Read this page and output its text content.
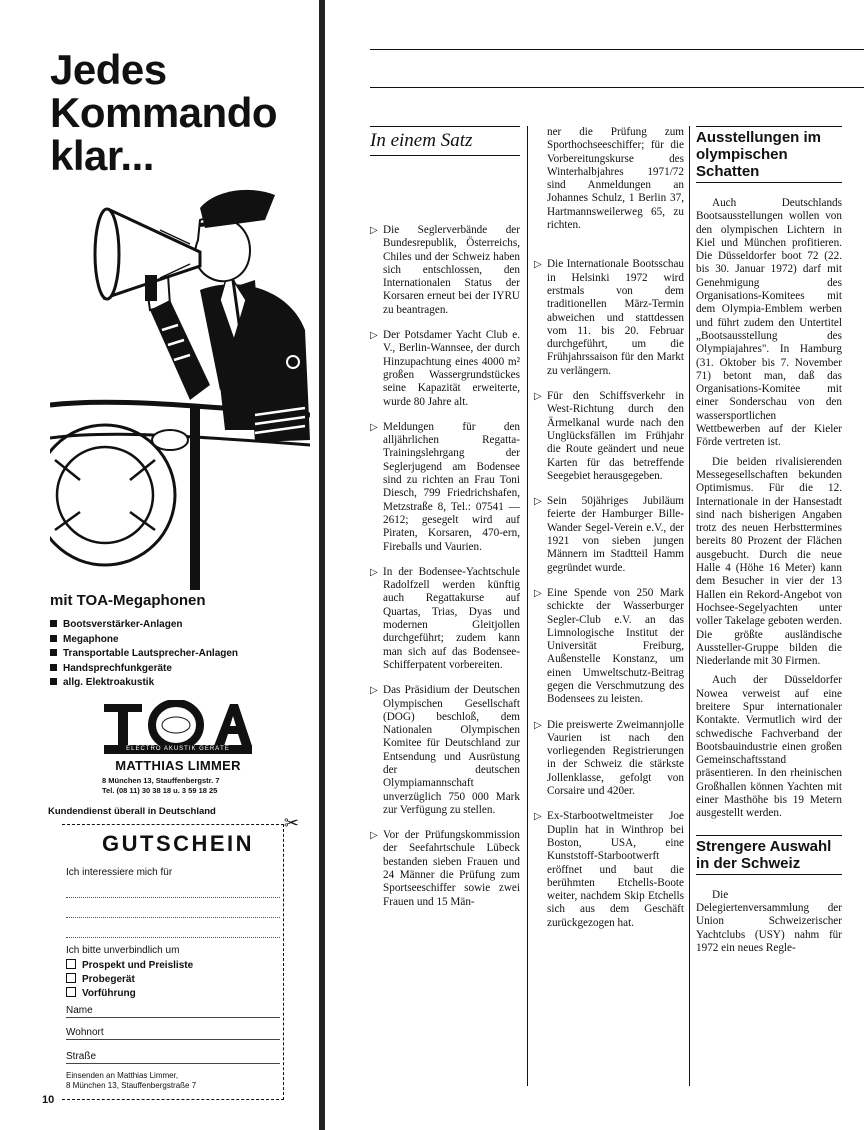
Jedes
Kommando
klar...
mit TOA-Megaphonen
Bootsverstärker-Anlagen
Megaphone
Transportable Lautsprecher-Anlagen
Handsprechfunkgeräte
allg. Elektroakustik
ELECTRO AKUSTIK GERÄTE
MATTHIAS LIMMER
8 München 13, Stauffenbergstr. 7
Tel. (08 11) 30 38 18 u. 3 59 18 25
Kundendienst überall in Deutschland
✂
GUTSCHEIN
Ich interessiere mich für
Ich bitte unverbindlich um
Prospekt und Preisliste
Probegerät
Vorführung
Name
Wohnort
Straße
Einsenden an Matthias Limmer,
8 München 13, Stauffenbergstraße 7
10
In einem Satz

▷ Die Seglerverbände der Bundesrepublik, Österreichs, Chiles und der Schweiz haben sich entschlossen, den Internationalen Status der Korsaren erneut bei der IYRU zu beantragen.

▷ Der Potsdamer Yacht Club e. V., Berlin-Wannsee, der durch Hinzupachtung eines 4000 m² großen Wassergrundstückes seine Kapazität erweiterte, wurde 80 Jahre alt.

▷ Meldungen für den alljährlichen Regatta-Trainingslehrgang der Seglerjugend am Bodensee sind zu richten an Frau Toni Diesch, 799 Friedrichshafen, Metzstraße 8, Tel.: 07541 — 2612; gesegelt wird auf Piraten, Korsaren, 470-ern, Fireballs und Vaurien.

▷ In der Bodensee-Yachtschule Radolfzell werden künftig auch Regattakurse auf Quartas, Trias, Dyas und modernen Gleitjollen durchgeführt; zudem kann man sich auf das Bodensee-Schifferpatent vorbereiten.

▷ Das Präsidium der Deutschen Olympischen Gesellschaft (DOG) beschloß, dem Nationalen Olympischen Komitee für Deutschland zur Entsendung und Ausrüstung der deutschen Olympiamannschaft unverzüglich 750 000 Mark zur Verfügung zu stellen.

▷ Vor der Prüfungskommission der Seefahrtschule Lübeck bestanden sieben Frauen und 24 Männer die Prüfung zum Sportseeschiffer sowie zwei Frauen und 15 Män-

ner die Prüfung zum Sporthochseeschiffer; für die Vorbereitungskurse des Winterhalbjahres 1971/72 sind Anmeldungen an Johannes Schulz, 1 Berlin 37, Hartmannsweilerweg 65, zu richten.

▷ Die Internationale Bootsschau in Helsinki 1972 wird erstmals von dem traditionellen März-Termin abweichen und stattdessen vom 11. bis 20. Februar durchgeführt, um die Frühjahrssaison für den Markt zu verlängern.

▷ Für den Schiffsverkehr in West-Richtung durch den Ärmelkanal wurde nach den Unglücksfällen im Frühjahr die Route geändert und neue Karten für das betreffende Seegebiet herausgegeben.

▷ Sein 50jähriges Jubiläum feierte der Hamburger Bille-Wander Segel-Verein e.V., der 1921 von sieben jungen Männern im Stadtteil Hamm gegründet wurde.

▷ Eine Spende von 250 Mark schickte der Wasserburger Segler-Club e.V. an das Limnologische Institut der Universität Freiburg, Außenstelle Konstanz, um einen Umweltschutz-Beitrag gegen die Verschmutzung des Bodensees zu leisten.

▷ Die preiswerte Zweimannjolle Vaurien ist nach den vorliegenden Registrierungen in der Schweiz die stärkste Jollenklasse, gefolgt von Corsaire und 420er.

▷ Ex-Starbootweltmeister Joe Duplin hat in Winthrop bei Boston, USA, eine Kunststoff-Starbootwerft eröffnet und baut die berühmten Etchells-Boote weiter, nachdem Skip Etchells sich aus dem Geschäft zurückgezogen hat.

Ausstellungen im olympischen Schatten

Auch Deutschlands Bootsausstellungen wollen von den olympischen Lichtern in Kiel und München profitieren. Die Düsseldorfer boot 72 (22. bis 30. Januar 1972) darf mit Genehmigung des Organisations-Komitees mit dem Olympia-Emblem werben und führt zudem den Untertitel „Bootsausstellung des Olympiajahres". In Hamburg (31. Oktober bis 7. November 71) betont man, daß das Organisations-Komitee mit einer Sonderschau von den wassersportlichen Wettbewerben auf der Kieler Förde vertreten ist.

Die beiden rivalisierenden Messegesellschaften bekunden Optimismus. Für die 12. Internationale in der Hansestadt sind nach bisherigen Angaben trotz des neuen Herbsttermines bereits 80 Prozent der Flächen ausgebucht. Durch die neue Halle 4 (Höhe 16 Meter) kann dem Besucher in vier der 13 Hallen ein Rekord-Angebot von Hochsee-Segelyachten unter voller Takelage geboten werden. Die größte ausländische Aussteller-Gruppe bilden die Niederlande mit 30 Firmen.

Auch der Düsseldorfer Nowea verweist auf eine breitere Spur internationaler Kontakte. Vermutlich wird der schwedische Fachverband der Bootsbauindustrie einen großen Gemeinschaftsstand präsentieren. In den rheinischen Großhallen können Yachten mit einer Masthöhe bis 19 Metern ausgestellt werden.

Strengere Auswahl in der Schweiz

Die Delegiertenversammlung der Union Schweizerischer Yachtclubs (USY) nahm für 1972 ein neues Regle-
